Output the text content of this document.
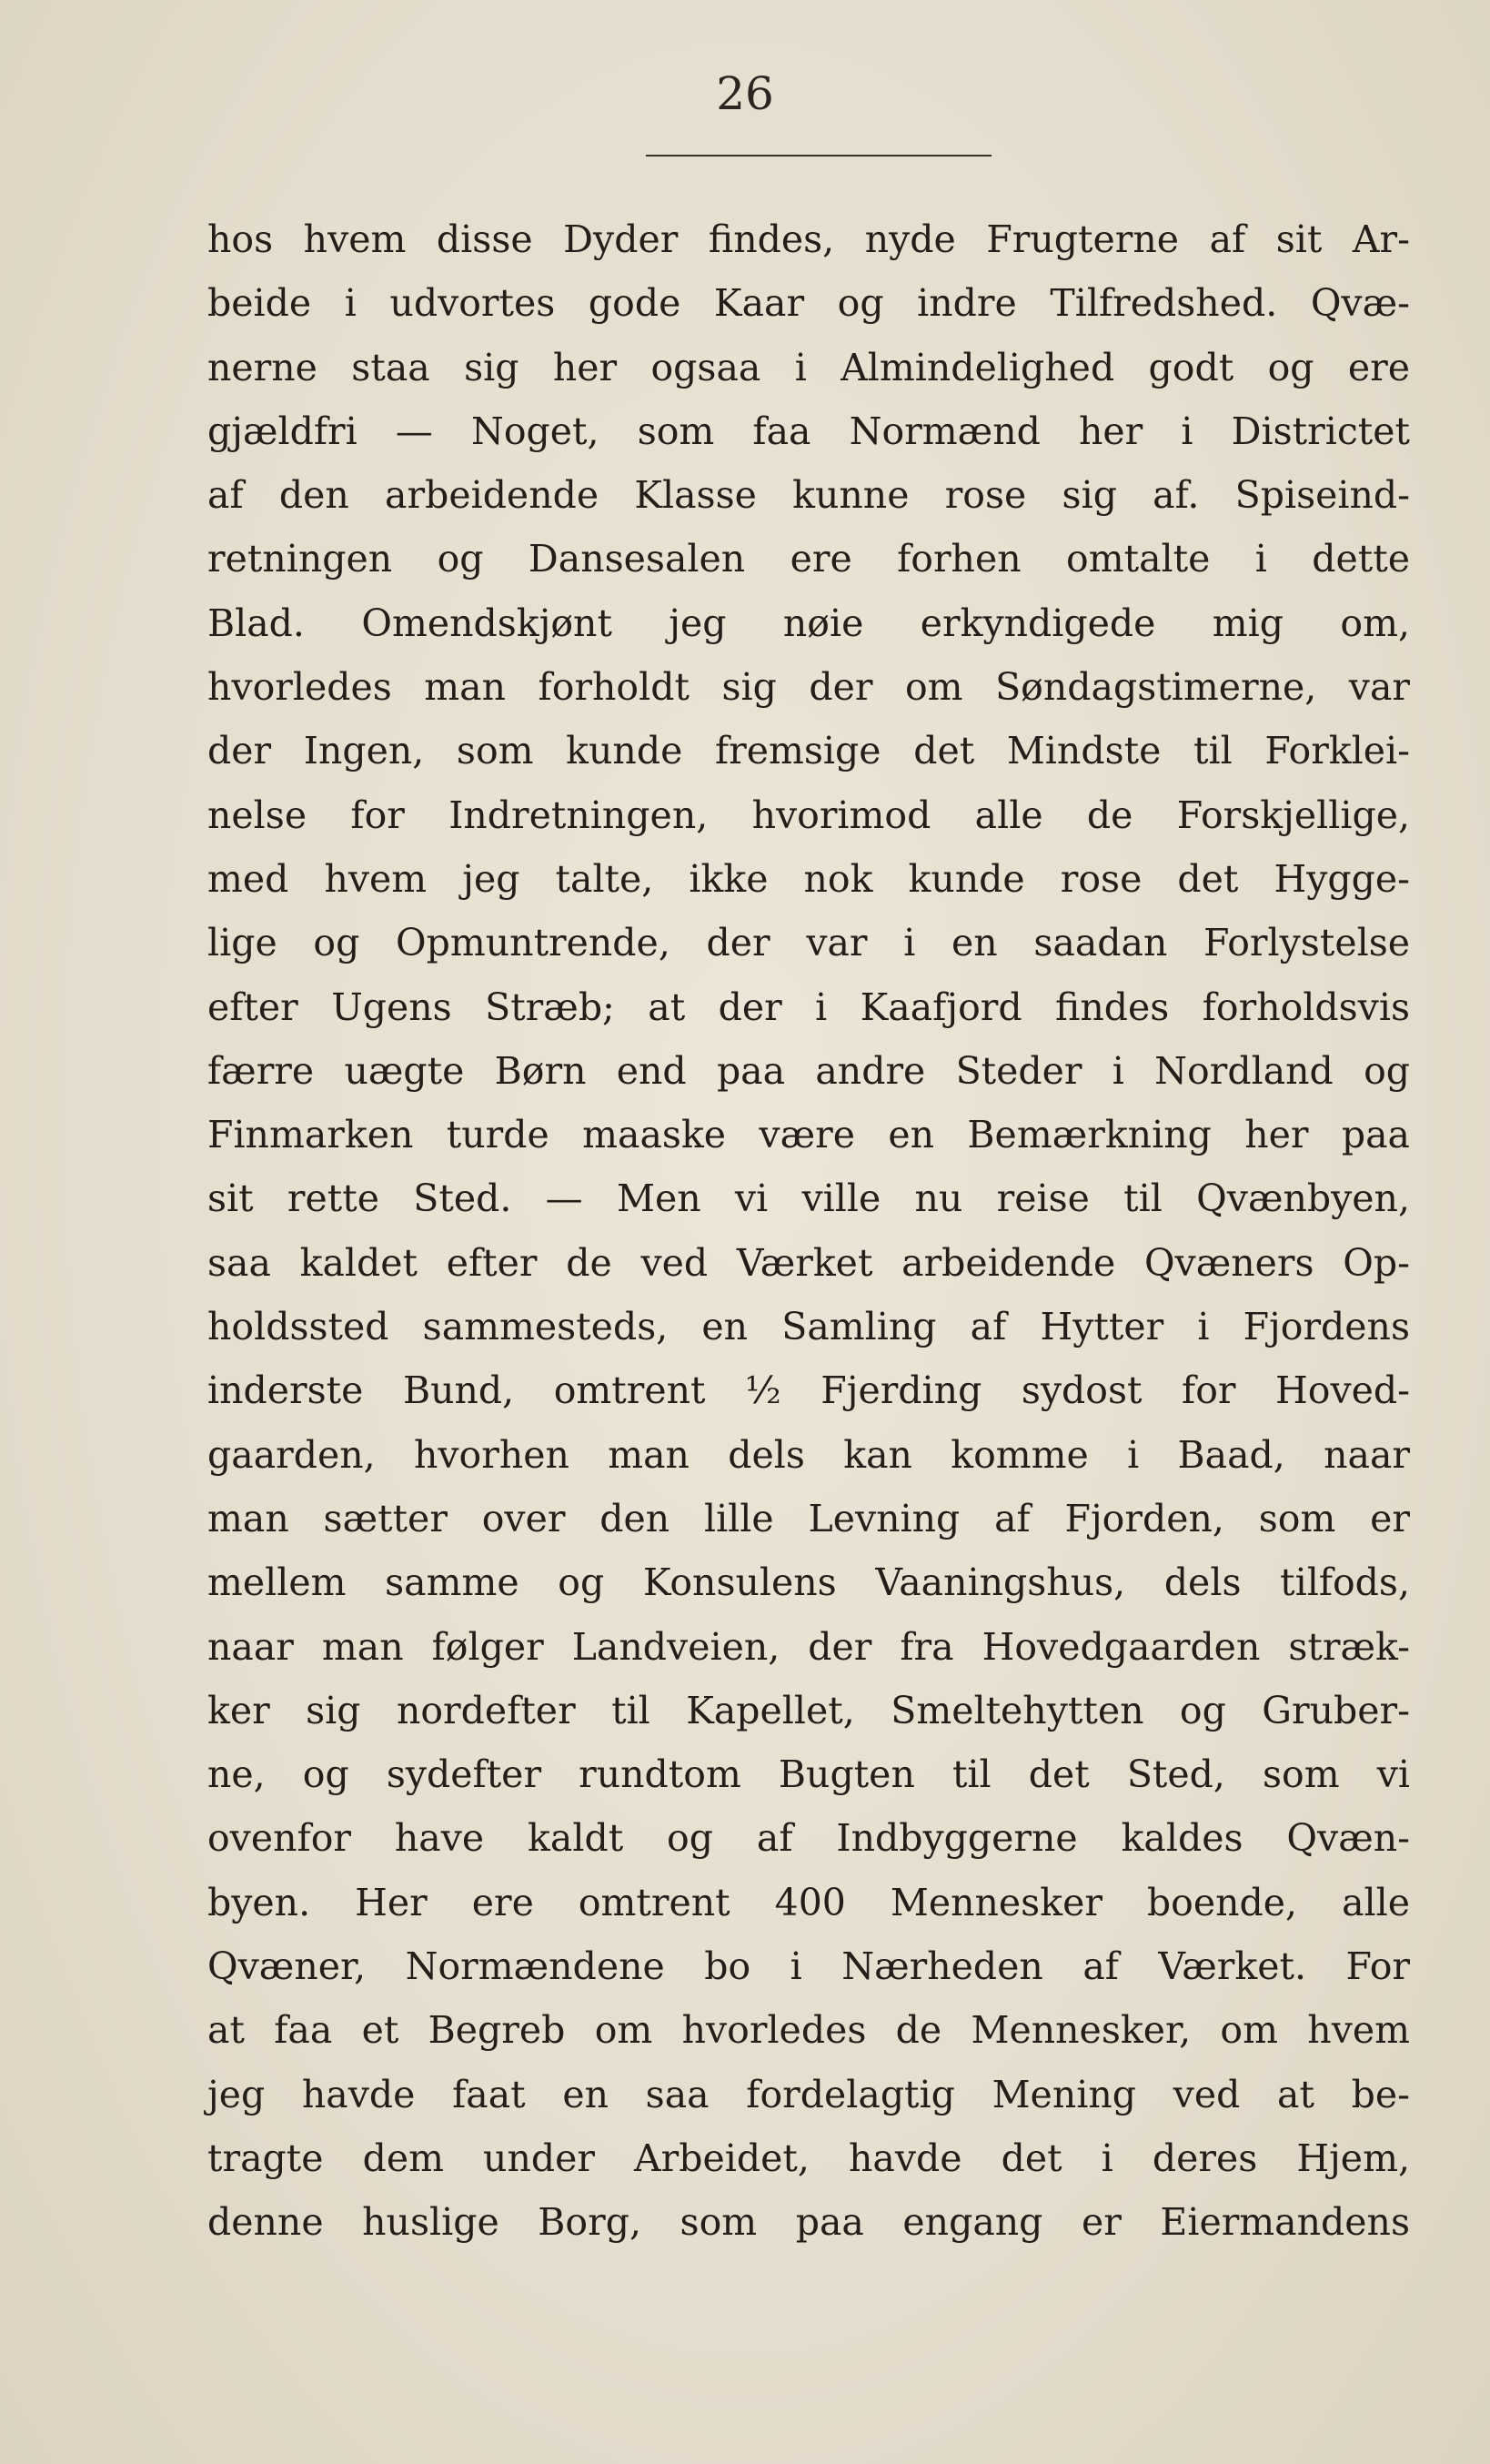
26
hos hvem disse Dyder findes, nyde Frugterne af sit Ar-
beide i udvortes gode Kaar og indre Tilfredshed. Qvæ-
nerne staa sig her ogsaa i Almindelighed godt og ere
gjældfri — Noget, som faa Normænd her i Districtet
af den arbeidende Klasse kunne rose sig af. Spiseind-
retningen og Dansesalen ere forhen omtalte i dette
Blad. Omendskjønt jeg nøie erkyndigede mig om,
hvorledes man forholdt sig der om Søndagstimerne, var
der Ingen, som kunde fremsige det Mindste til Forklei-
nelse for Indretningen, hvorimod alle de Forskjellige,
med hvem jeg talte, ikke nok kunde rose det Hygge-
lige og Opmuntrende, der var i en saadan Forlystelse
efter Ugens Stræb; at der i Kaafjord findes forholdsvis
færre uægte Børn end paa andre Steder i Nordland og
Finmarken turde maaske være en Bemærkning her paa
sit rette Sted. — Men vi ville nu reise til Qvænbyen,
saa kaldet efter de ved Værket arbeidende Qvæners Op-
holdssted sammesteds, en Samling af Hytter i Fjordens
inderste Bund, omtrent ½ Fjerding sydost for Hoved-
gaarden, hvorhen man dels kan komme i Baad, naar
man sætter over den lille Levning af Fjorden, som er
mellem samme og Konsulens Vaaningshus, dels tilfods,
naar man følger Landveien, der fra Hovedgaarden stræk-
ker sig nordefter til Kapellet, Smeltehytten og Gruber-
ne, og sydefter rundtom Bugten til det Sted, som vi
ovenfor have kaldt og af Indbyggerne kaldes Qvæn-
byen. Her ere omtrent 400 Mennesker boende, alle
Qvæner, Normændene bo i Nærheden af Værket. For
at faa et Begreb om hvorledes de Mennesker, om hvem
jeg havde faat en saa fordelagtig Mening ved at be-
tragte dem under Arbeidet, havde det i deres Hjem,
denne huslige Borg, som paa engang er Eiermandens
